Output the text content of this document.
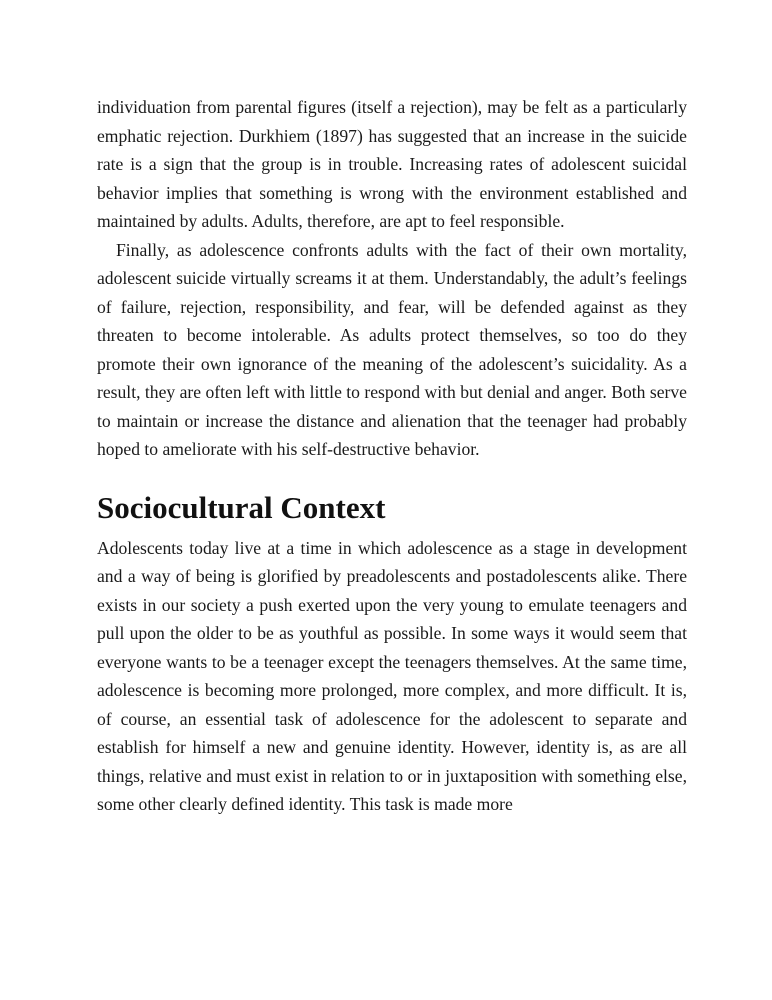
individuation from parental figures (itself a rejection), may be felt as a particularly emphatic rejection. Durkhiem (1897) has suggested that an increase in the suicide rate is a sign that the group is in trouble. Increasing rates of adolescent suicidal behavior implies that something is wrong with the environment established and maintained by adults. Adults, therefore, are apt to feel responsible.

Finally, as adolescence confronts adults with the fact of their own mortality, adolescent suicide virtually screams it at them. Understandably, the adult’s feelings of failure, rejection, responsibility, and fear, will be defended against as they threaten to become intolerable. As adults protect themselves, so too do they promote their own ignorance of the meaning of the adolescent’s suicidality. As a result, they are often left with little to respond with but denial and anger. Both serve to maintain or increase the distance and alienation that the teenager had probably hoped to ameliorate with his self-destructive behavior.

Sociocultural Context

Adolescents today live at a time in which adolescence as a stage in development and a way of being is glorified by preadolescents and postadolescents alike. There exists in our society a push exerted upon the very young to emulate teenagers and pull upon the older to be as youthful as possible. In some ways it would seem that everyone wants to be a teenager except the teenagers themselves. At the same time, adolescence is becoming more prolonged, more complex, and more difficult. It is, of course, an essential task of adolescence for the adolescent to separate and establish for himself a new and genuine identity. However, identity is, as are all things, relative and must exist in relation to or in juxtaposition with something else, some other clearly defined identity. This task is made more
